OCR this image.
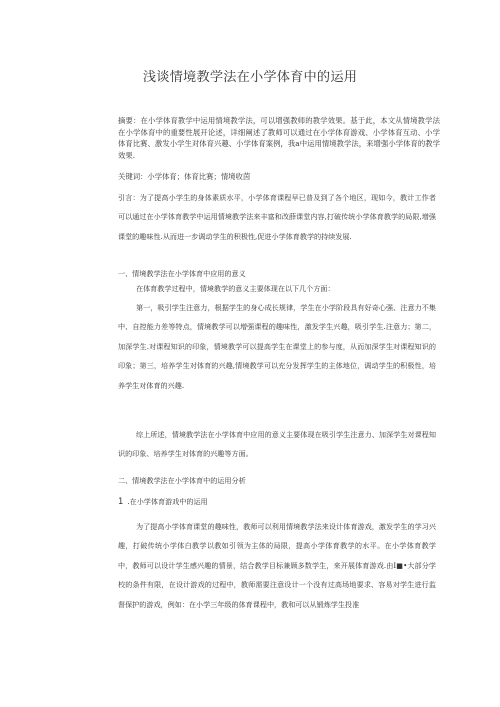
浅谈情境教学法在小学体育中的运用

摘要：在小学体育教学中运用情境教学法，可以增强教师的教学效果。基于此，本文从情境教学法在小学体育中的重要性展开论述，详细阐述了教师可以通过在小学体育游戏、小学体育互动、小学体育比赛、激发小学生对体育兴趣、小学体育案例，我a中运用情境教学法，来增强小学体育的教学效果.

关键词：小学体育；体育比赛；情境收茵

引言：为了提高小学生的身体素质水平，小学体育课程早已普及到了各个地区，现如今，教计工作者可以通过在小学体育教学中运用情境教学法来丰富和改薛课堂内容,打破传统小学体育教学的局限,增强课堂的趣味性.从而进一步调动学生的积极性,促进小学体育教学的持续发展.

一、情境教学法在小学体育中应用的意义

在体育教学过程中，情境教学的意义主要体现在以下几个方面：

第一，吸引学生注意力，根据学生的身心成长规律，学生在小学阶段具有好奇心强、注意力不集中、自控能力差等特点，情境教学可以增强课程的趣味性，激发学生兴趣，吸引学生.注意力；第二，加深学生.对课程知识的印象，情境教学可以提高学生在课堂上的参与度，从而加深学生对课程知识的印象；第三，培养学生对体育的兴趣,情境教学可以充分发挥学生的主体地位，调动学生的积极性，培养学生对体育的兴趣.

综上所述，情境教学法在小学体育中应用的意义主要体现在吸引学生注意力、加深学生对课程知识的印象、培养学生对体育的兴趣等方面。

二、情境教学法在小学体育中的运用分析

1 .在小学体育游戏中的运用

为了提高小学体育课堂的趣味性，教师可以利用情境教学法来设计体育游戏，激发学生的学习兴趣，打破传统小学体白教学以教如引领为主体的局限，提高小学体育教学的水平。在小学体育教学中，教师可以设计学生感兴趣的情景，结合教学目标兼顾多数学生，来开展体育游戏.由I■•大部分学校的条件有限，在设计游戏的过程中，教师需要注意设计一个没有过高场地要求、容易对学生进行监督保护的游戏，例如：在小学三年级的体育课程中，教和可以从锻炼学生投准
